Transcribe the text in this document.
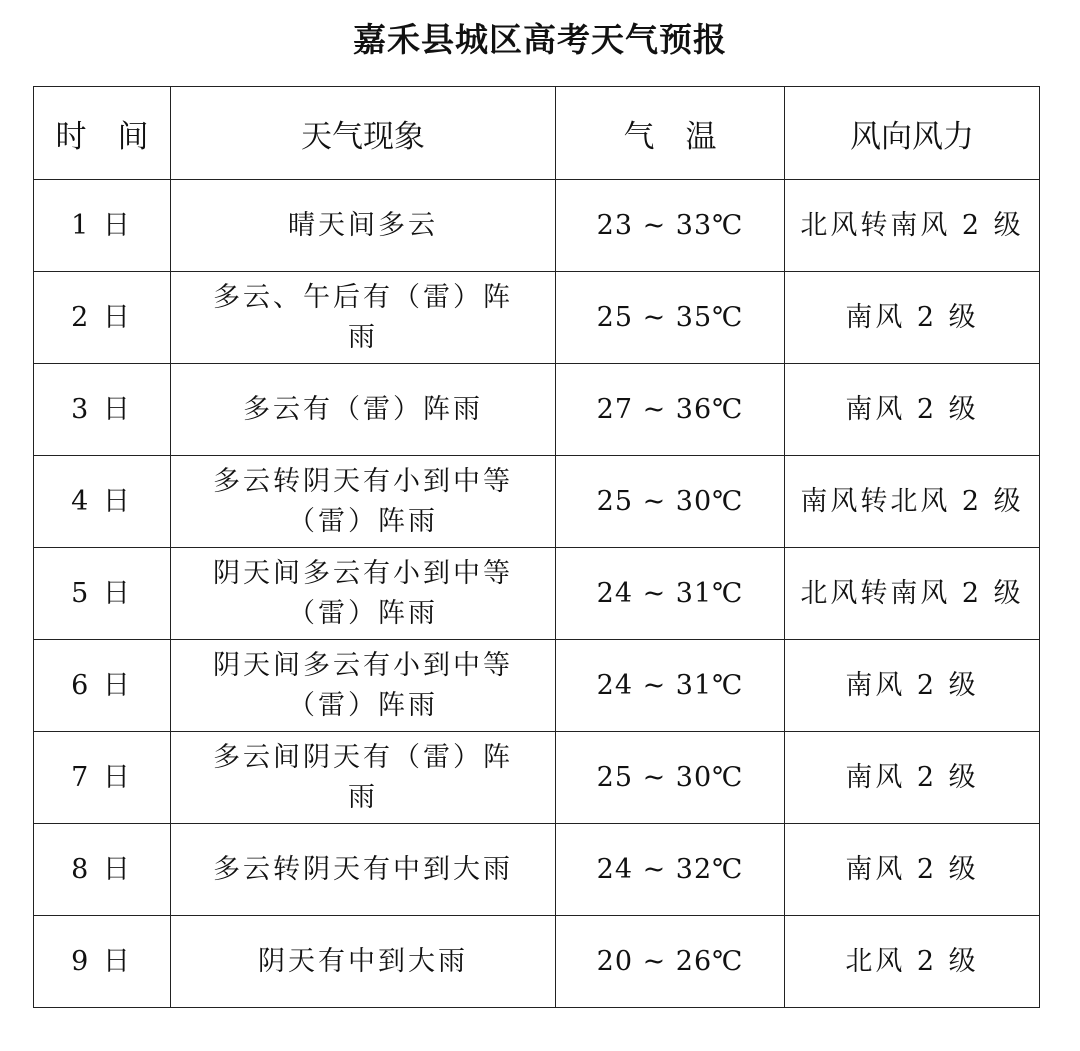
嘉禾县城区高考天气预报
时　间	天气现象	气　温	风向风力
1 日	晴天间多云	23 ~ 33℃	北风转南风 2 级
2 日	多云、午后有（雷）阵雨	25 ~ 35℃	南风 2 级
3 日	多云有（雷）阵雨	27 ~ 36℃	南风 2 级
4 日	多云转阴天有小到中等（雷）阵雨	25 ~ 30℃	南风转北风 2 级
5 日	阴天间多云有小到中等（雷）阵雨	24 ~ 31℃	北风转南风 2 级
6 日	阴天间多云有小到中等（雷）阵雨	24 ~ 31℃	南风 2 级
7 日	多云间阴天有（雷）阵雨	25 ~ 30℃	南风 2 级
8 日	多云转阴天有中到大雨	24 ~ 32℃	南风 2 级
9 日	阴天有中到大雨	20 ~ 26℃	北风 2 级
